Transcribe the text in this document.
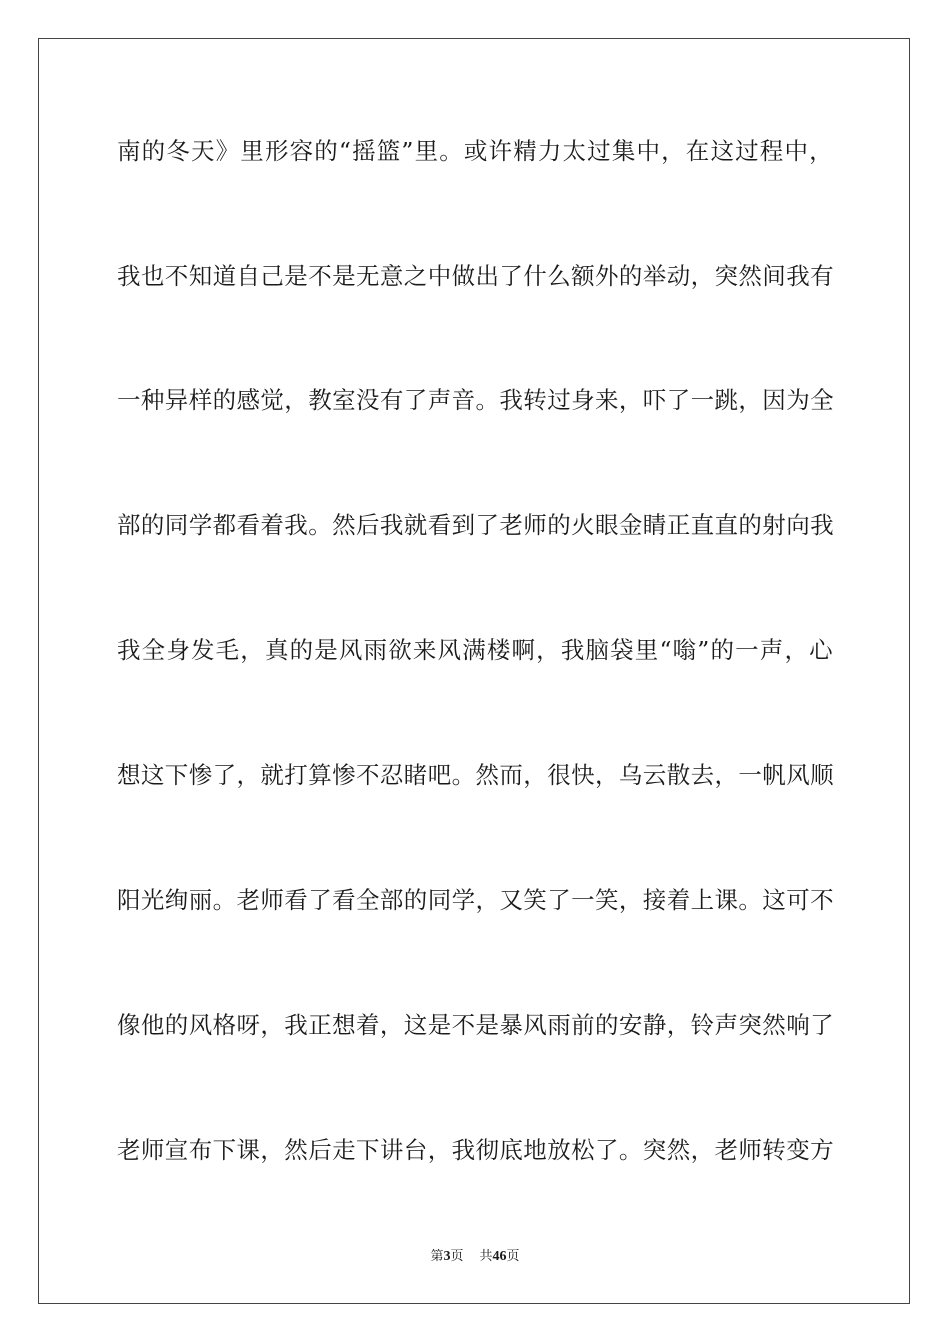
南的冬天》里形容的“摇篮”里。或许精力太过集中，在这过程中，
我也不知道自己是不是无意之中做出了什么额外的举动，突然间我有
一种异样的感觉，教室没有了声音。我转过身来，吓了一跳，因为全
部的同学都看着我。然后我就看到了老师的火眼金睛正直直的射向我
我全身发毛，真的是风雨欲来风满楼啊，我脑袋里“嗡”的一声，心
想这下惨了，就打算惨不忍睹吧。然而，很快，乌云散去，一帆风顺
阳光绚丽。老师看了看全部的同学，又笑了一笑，接着上课。这可不
像他的风格呀，我正想着，这是不是暴风雨前的安静，铃声突然响了
老师宣布下课，然后走下讲台，我彻底地放松了。突然，老师转变方
第3页 共46页
